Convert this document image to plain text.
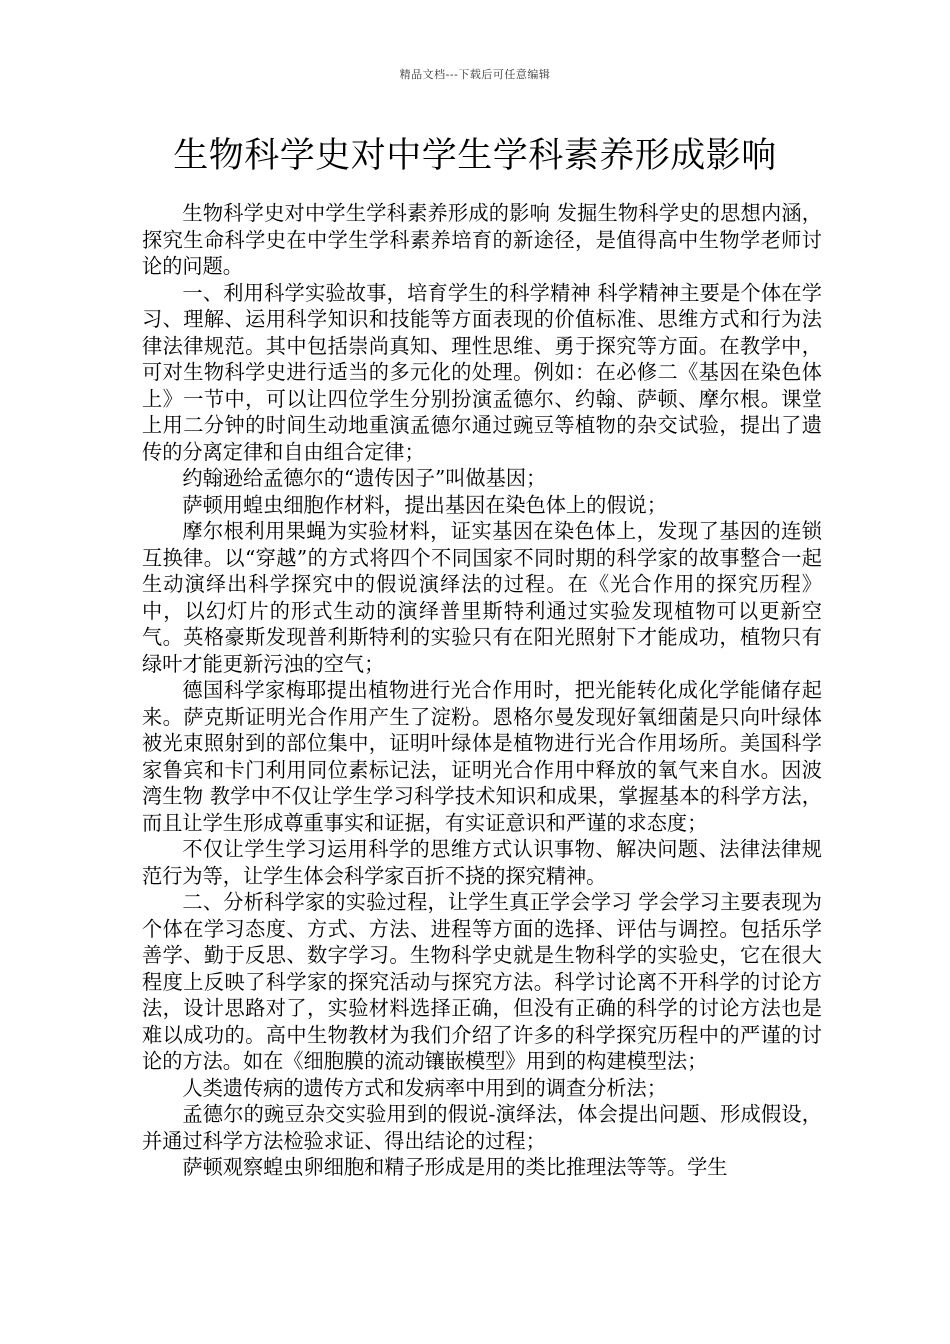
精品文档---下载后可任意编辑
生物科学史对中学生学科素养形成影响

生物科学史对中学生学科素养形成的影响 发掘生物科学史的思想内涵，探究生命科学史在中学生学科素养培育的新途径，是值得高中生物学老师讨论的问题。

一、利用科学实验故事，培育学生的科学精神 科学精神主要是个体在学习、理解、运用科学知识和技能等方面表现的价值标准、思维方式和行为法律法律规范。其中包括崇尚真知、理性思维、勇于探究等方面。在教学中，可对生物科学史进行适当的多元化的处理。例如：在必修二《基因在染色体上》一节中，可以让四位学生分别扮演孟德尔、约翰、萨顿、摩尔根。课堂上用二分钟的时间生动地重演孟德尔通过豌豆等植物的杂交试验，提出了遗传的分离定律和自由组合定律；

约翰逊给孟德尔的“遗传因子”叫做基因；

萨顿用蝗虫细胞作材料，提出基因在染色体上的假说；

摩尔根利用果蝇为实验材料，证实基因在染色体上，发现了基因的连锁互换律。以“穿越”的方式将四个不同国家不同时期的科学家的故事整合一起生动演绎出科学探究中的假说演绎法的过程。在《光合作用的探究历程》中，以幻灯片的形式生动的演绎普里斯特利通过实验发现植物可以更新空气。英格豪斯发现普利斯特利的实验只有在阳光照射下才能成功，植物只有绿叶才能更新污浊的空气；

德国科学家梅耶提出植物进行光合作用时，把光能转化成化学能储存起来。萨克斯证明光合作用产生了淀粉。恩格尔曼发现好氧细菌是只向叶绿体被光束照射到的部位集中，证明叶绿体是植物进行光合作用场所。美国科学家鲁宾和卡门利用同位素标记法，证明光合作用中释放的氧气来自水。因波湾生物 教学中不仅让学生学习科学技术知识和成果，掌握基本的科学方法，而且让学生形成尊重事实和证据，有实证意识和严谨的求态度；

不仅让学生学习运用科学的思维方式认识事物、解决问题、法律法律规范行为等，让学生体会科学家百折不挠的探究精神。

二、分析科学家的实验过程，让学生真正学会学习 学会学习主要表现为个体在学习态度、方式、方法、进程等方面的选择、评估与调控。包括乐学善学、勤于反思、数字学习。生物科学史就是生物科学的实验史，它在很大程度上反映了科学家的探究活动与探究方法。科学讨论离不开科学的讨论方法，设计思路对了，实验材料选择正确，但没有正确的科学的讨论方法也是难以成功的。高中生物教材为我们介绍了许多的科学探究历程中的严谨的讨论的方法。如在《细胞膜的流动镶嵌模型》用到的构建模型法；

人类遗传病的遗传方式和发病率中用到的调查分析法；

孟德尔的豌豆杂交实验用到的假说-演绎法，体会提出问题、形成假设，并通过科学方法检验求证、得出结论的过程；

萨顿观察蝗虫卵细胞和精子形成是用的类比推理法等等。学生
